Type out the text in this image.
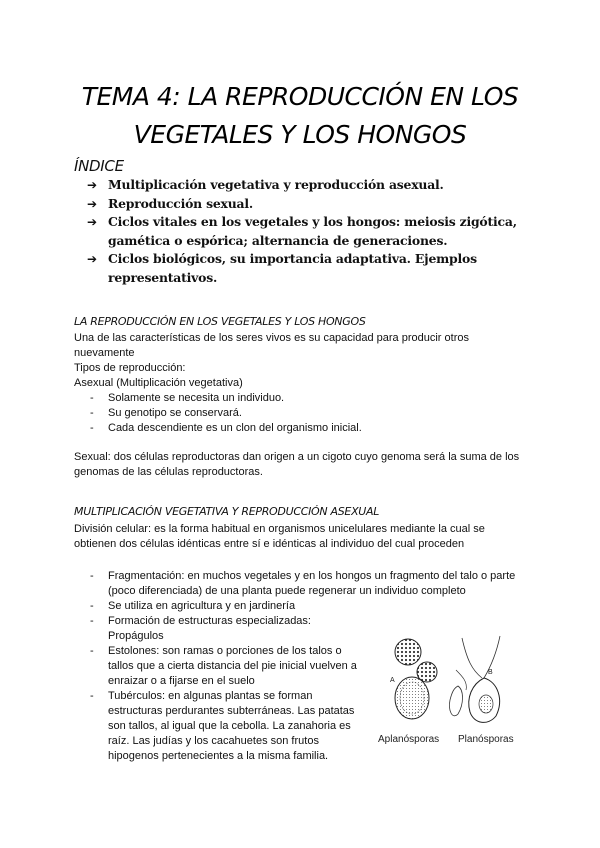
TEMA 4: LA REPRODUCCIÓN EN LOS
VEGETALES Y LOS HONGOS
ÍNDICE
➔ Multiplicación vegetativa y reproducción asexual.
➔ Reproducción sexual.
➔ Ciclos vitales en los vegetales y los hongos: meiosis zigótica,
gamética o espórica; alternancia de generaciones.
➔ Ciclos biológicos, su importancia adaptativa. Ejemplos
representativos.
LA REPRODUCCIÓN EN LOS VEGETALES Y LOS HONGOS

Una de las características de los seres vivos es su capacidad para producir otros
nuevamente
Tipos de reproducción:
Asexual (Multiplicación vegetativa)

- Solamente se necesita un individuo.
- Su genotipo se conservará.
- Cada descendiente es un clon del organismo inicial.

Sexual: dos células reproductoras dan origen a un cigoto cuyo genoma será la suma de los
genomas de las células reproductoras.

MULTIPLICACIÓN VEGETATIVA Y REPRODUCCIÓN ASEXUAL

División celular: es la forma habitual en organismos unicelulares mediante la cual se
obtienen dos células idénticas entre sí e idénticas al individuo del cual proceden

- Fragmentación: en muchos vegetales y en los hongos un fragmento del talo o parte
(poco diferenciada) de una planta puede regenerar un individuo completo
- Se utiliza en agricultura y en jardinería
- Formación de estructuras especializadas:
Propágulos
- Estolones: son ramas o porciones de los talos o
tallos que a cierta distancia del pie inicial vuelven a
enraizar o a fijarse en el suelo
- Tubérculos: en algunas plantas se forman
estructuras perdurantes subterráneas. Las patatas
son tallos, al igual que la cebolla. La zanahoria es
raíz. Las judías y los cacahuetes son frutos
hipogenos pertenecientes a la misma familia.
A
B
Aplanósporas Planósporas
